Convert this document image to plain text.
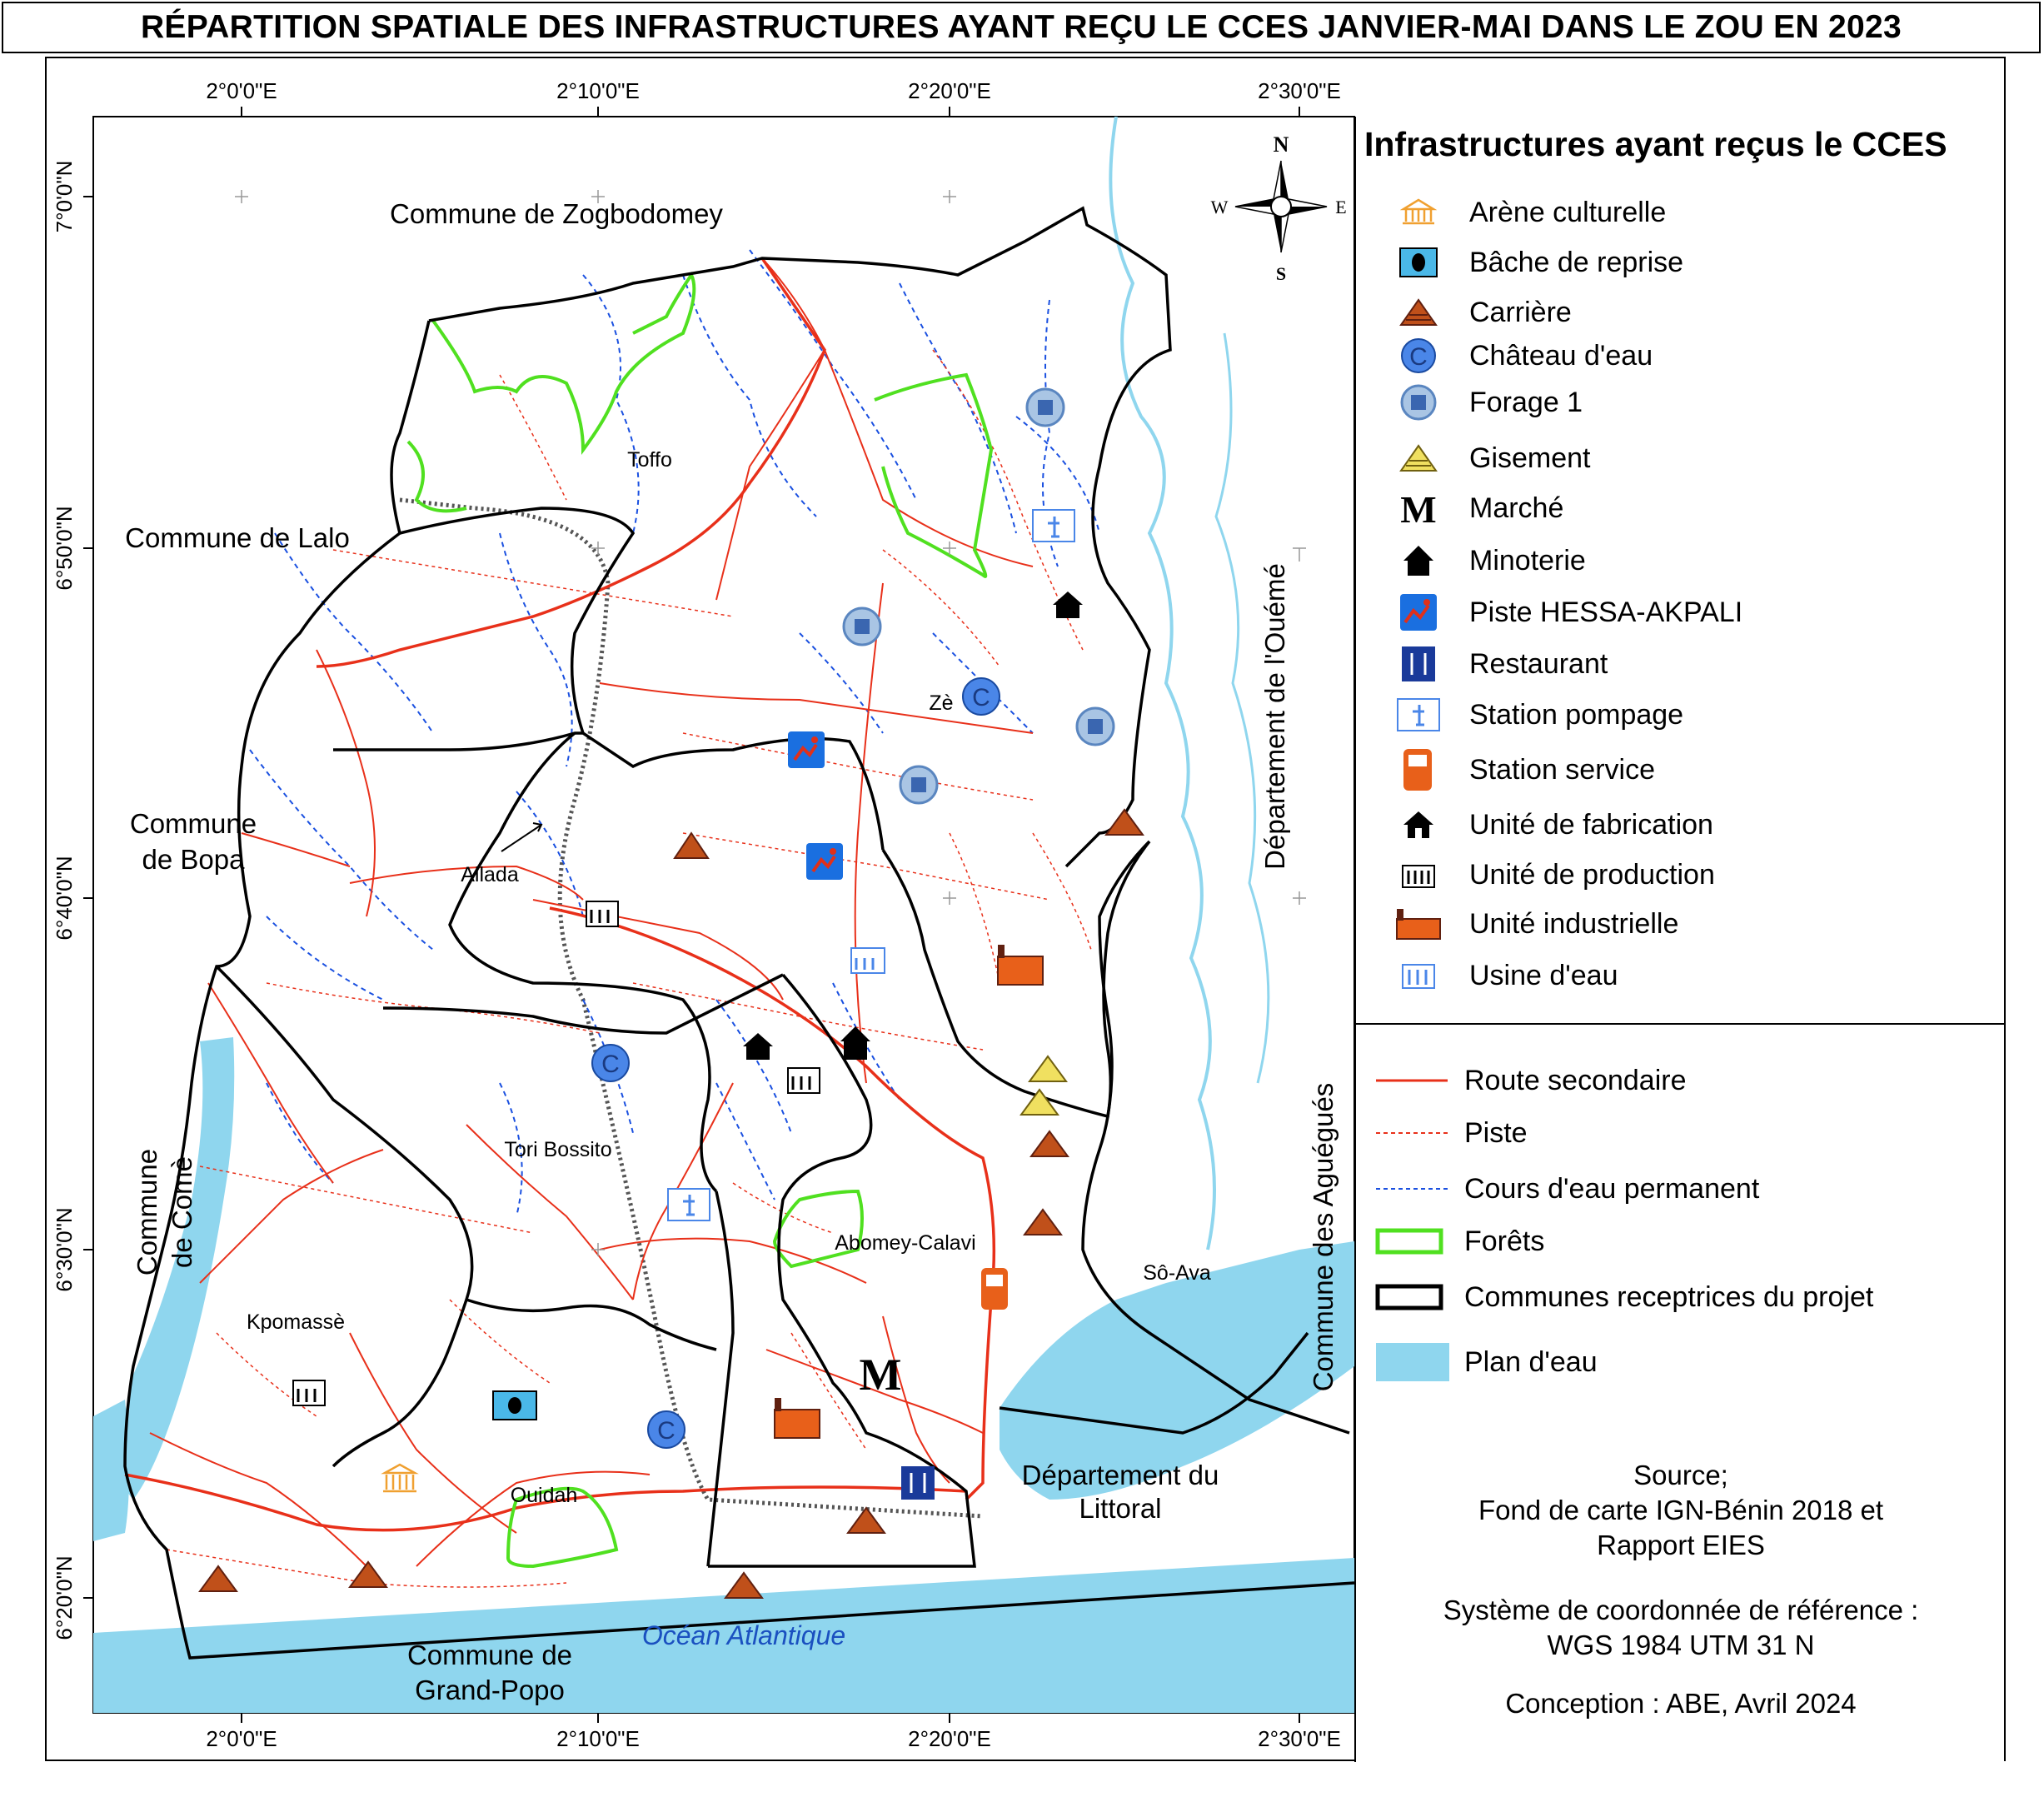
RÉPARTITION SPATIALE DES INFRASTRUCTURES AYANT REÇU LE CCES JANVIER-MAI DANS LE ZOU EN 2023
2°0'0"E	2°10'0"E	2°20'0"E	2°30'0"E
2°0'0"E	2°10'0"E	2°20'0"E	2°30'0"E
7°0'0"N
6°50'0"N
6°40'0"N
6°30'0"N
6°20'0"N
N
S
E
W
Commune de Zogbodomey
Commune de Lalo
Commune
de Bopa
Commune de Comè
Département de l'Ouémé
Commune des Aguégués
Département du
Littoral
Commune de
Grand-Popo
Océan Atlantique
Toffo
Allada
Zè
Tori Bossito
Abomey-Calavi
Kpomassè
Ouidah
Sô-Ava
C
C
C
M
Infrastructures ayant reçus le CCES
Arène culturelle
Bâche de reprise
Carrière
C Château d'eau
Forage 1
Gisement
M Marché
Minoterie
Piste HESSA-AKPALI
Restaurant
Station pompage
Station service
Unité de fabrication
Unité de production
Unité industrielle
Usine d'eau
Route secondaire
Piste
Cours d'eau permanent
Forêts
Communes receptrices du projet
Plan d'eau
Source;
Fond de carte IGN-Bénin 2018 et
Rapport EIES
Système de coordonnée de référence :
WGS 1984 UTM 31 N
Conception : ABE, Avril 2024
